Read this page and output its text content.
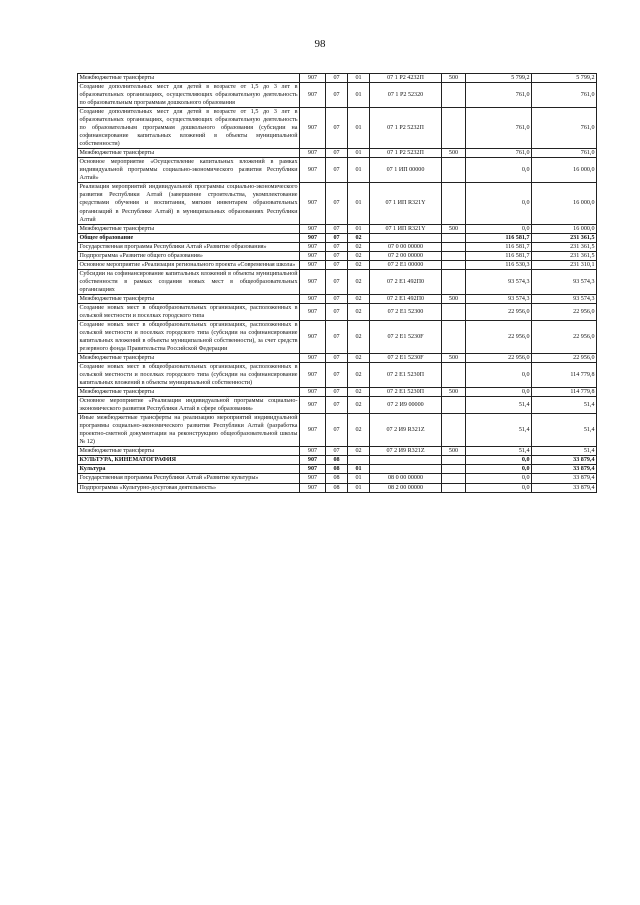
98
Межбюджетные трансферты	907	07	01	07 1 Р2 4232П	500	5 799,2	5 799,2
Создание дополнительных мест для детей в возрасте от 1,5 до 3 лет в образовательных организациях, осуществляющих образовательную деятельность по образовательным программам дошкольного образования	907	07	01	07 1 Р2 52320		761,0	761,0
Создание дополнительных мест для детей в возрасте от 1,5 до 3 лет в образовательных организациях, осуществляющих образовательную деятельность по образовательным программам дошкольного образования (субсидии на софинансирование капитальных вложений в объекты муниципальной собственности)	907	07	01	07 1 Р2 5232П		761,0	761,0
Межбюджетные трансферты	907	07	01	07 1 Р2 5232П	500	761,0	761,0
Основное мероприятие «Осуществление капитальных вложений в рамках индивидуальной программы социально-экономического развития Республики Алтай»	907	07	01	07 1 ИП 00000		0,0	16 000,0
Реализация мероприятий индивидуальной программы социально-экономического развития Республики Алтай (завершение строительства, укомплектование средствами обучения и воспитания, мягким инвентарем образовательных организаций в Республике Алтай) в муниципальных образованиях Республики Алтай	907	07	01	07 1 ИП R321Y		0,0	16 000,0
Межбюджетные трансферты	907	07	01	07 1 ИП R321Y	500	0,0	16 000,0
Общее образование	907	07	02			116 581,7	231 361,5
Государственная программа Республики Алтай «Развитие образования»	907	07	02	07 0 00 00000		116 581,7	231 361,5
Подпрограмма «Развитие общего образования»	907	07	02	07 2 00 00000		116 581,7	231 361,5
Основное мероприятие «Реализация регионального проекта «Современная школа»	907	07	02	07 2 E1 00000		116 530,3	231 310,1
Субсидии на софинансирование капитальных вложений в объекты муниципальной собственности в рамках создания новых мест в общеобразовательных организациях	907	07	02	07 2 E1 492П0		93 574,3	93 574,3
Межбюджетные трансферты	907	07	02	07 2 E1 492П0	500	93 574,3	93 574,3
Создание новых мест в общеобразовательных организациях, расположенных в сельской местности и поселках городского типа	907	07	02	07 2 E1 52300		22 956,0	22 956,0
Создание новых мест в общеобразовательных организациях, расположенных в сельской местности и поселках городского типа (субсидии на софинансирование капитальных вложений в объекты муниципальной собственности), за счет средств резервного фонда Правительства Российской Федерации	907	07	02	07 2 E1 5230F		22 956,0	22 956,0
Межбюджетные трансферты	907	07	02	07 2 E1 5230F	500	22 956,0	22 956,0
Создание новых мест в общеобразовательных организациях, расположенных в сельской местности и поселках городского типа (субсидии на софинансирование капитальных вложений в объекты муниципальной собственности)	907	07	02	07 2 E1 5230П		0,0	114 779,8
Межбюджетные трансферты	907	07	02	07 2 E1 5230П	500	0,0	114 779,8
Основное мероприятие «Реализация индивидуальной программы социально-экономического развития Республики Алтай в сфере образования»	907	07	02	07 2 И9 00000		51,4	51,4
Иные межбюджетные трансферты на реализацию мероприятий индивидуальной программы социально-экономического развития Республики Алтай (разработка проектно-сметной документации на реконструкцию общеобразовательной школы № 12)	907	07	02	07 2 И9 R321Z		51,4	51,4
Межбюджетные трансферты	907	07	02	07 2 И9 R321Z	500	51,4	51,4
КУЛЬТУРА, КИНЕМАТОГРАФИЯ	907	08				0,0	33 879,4
Культура	907	08	01			0,0	33 879,4
Государственная программа Республики Алтай «Развитие культуры»	907	08	01	08 0 00 00000		0,0	33 879,4
Подпрограмма «Культурно-досуговая деятельность»	907	08	01	08 2 00 00000		0,0	33 879,4
